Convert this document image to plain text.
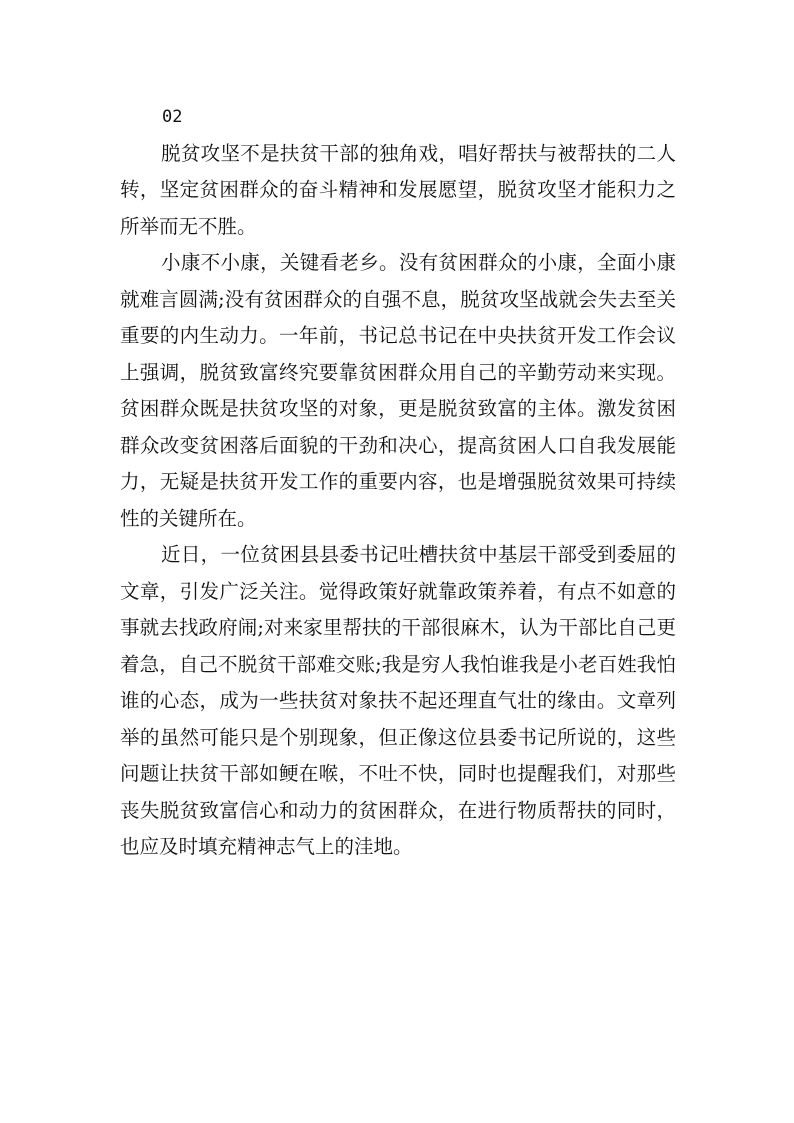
02

脱贫攻坚不是扶贫干部的独角戏，唱好帮扶与被帮扶的二人转，坚定贫困群众的奋斗精神和发展愿望，脱贫攻坚才能积力之所举而无不胜。

小康不小康，关键看老乡。没有贫困群众的小康，全面小康就难言圆满;没有贫困群众的自强不息，脱贫攻坚战就会失去至关重要的内生动力。一年前，书记总书记在中央扶贫开发工作会议上强调，脱贫致富终究要靠贫困群众用自己的辛勤劳动来实现。贫困群众既是扶贫攻坚的对象，更是脱贫致富的主体。激发贫困群众改变贫困落后面貌的干劲和决心，提高贫困人口自我发展能力，无疑是扶贫开发工作的重要内容，也是增强脱贫效果可持续性的关键所在。

近日，一位贫困县县委书记吐槽扶贫中基层干部受到委屈的文章，引发广泛关注。觉得政策好就靠政策养着，有点不如意的事就去找政府闹;对来家里帮扶的干部很麻木，认为干部比自己更着急，自己不脱贫干部难交账;我是穷人我怕谁我是小老百姓我怕谁的心态，成为一些扶贫对象扶不起还理直气壮的缘由。文章列举的虽然可能只是个别现象，但正像这位县委书记所说的，这些问题让扶贫干部如鲠在喉，不吐不快，同时也提醒我们，对那些丧失脱贫致富信心和动力的贫困群众，在进行物质帮扶的同时，也应及时填充精神志气上的洼地。
